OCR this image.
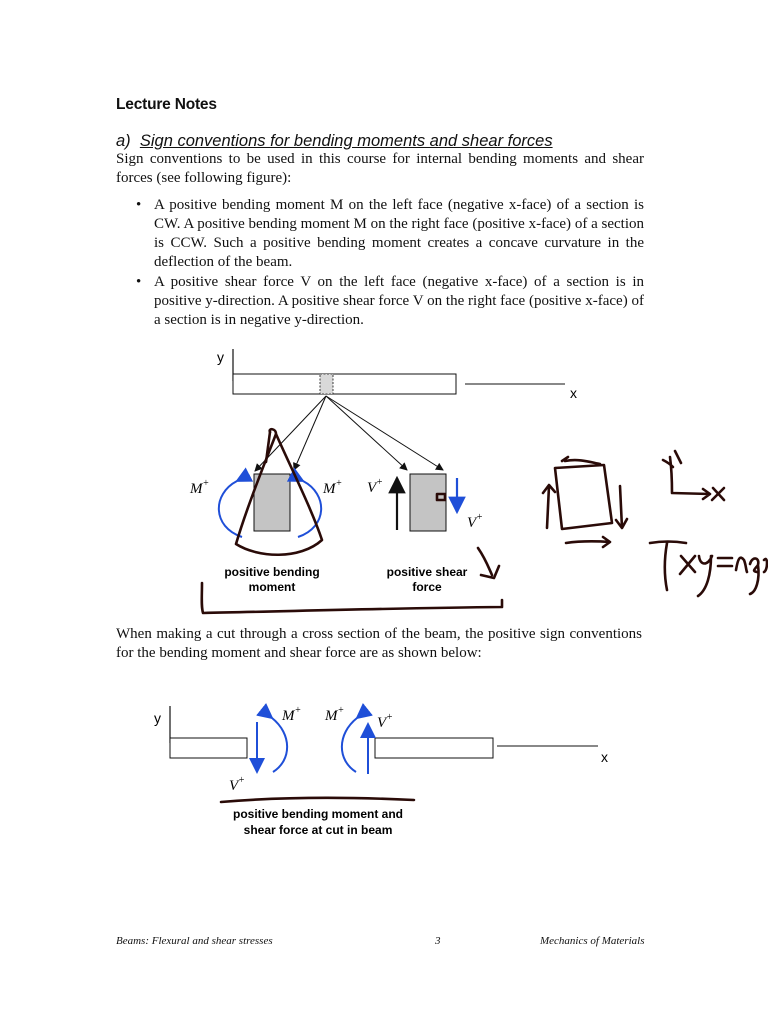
Lecture Notes
a) Sign conventions for bending moments and shear forces
Sign conventions to be used in this course for internal bending moments and shear forces (see following figure):
• A positive bending moment M on the left face (negative x-face) of a section is CW. A positive bending moment M on the right face (positive x-face) of a section is CCW. Such a positive bending moment creates a concave curvature in the deflection of the beam.
• A positive shear force V on the left face (negative x-face) of a section is in positive y-direction. A positive shear force V on the right face (positive x-face) of a section is in negative y-direction.
y
x
M+	M+ V+
V+
positive bending
moment
positive shear
force
τxy = negative
When making a cut through a cross section of the beam, the positive sign conventions for the bending moment and shear force are as shown below:
y
x
M+ M+
V+
V+
positive bending moment and
shear force at cut in beam
Beams: Flexural and shear stresses	3	Mechanics of Materials
